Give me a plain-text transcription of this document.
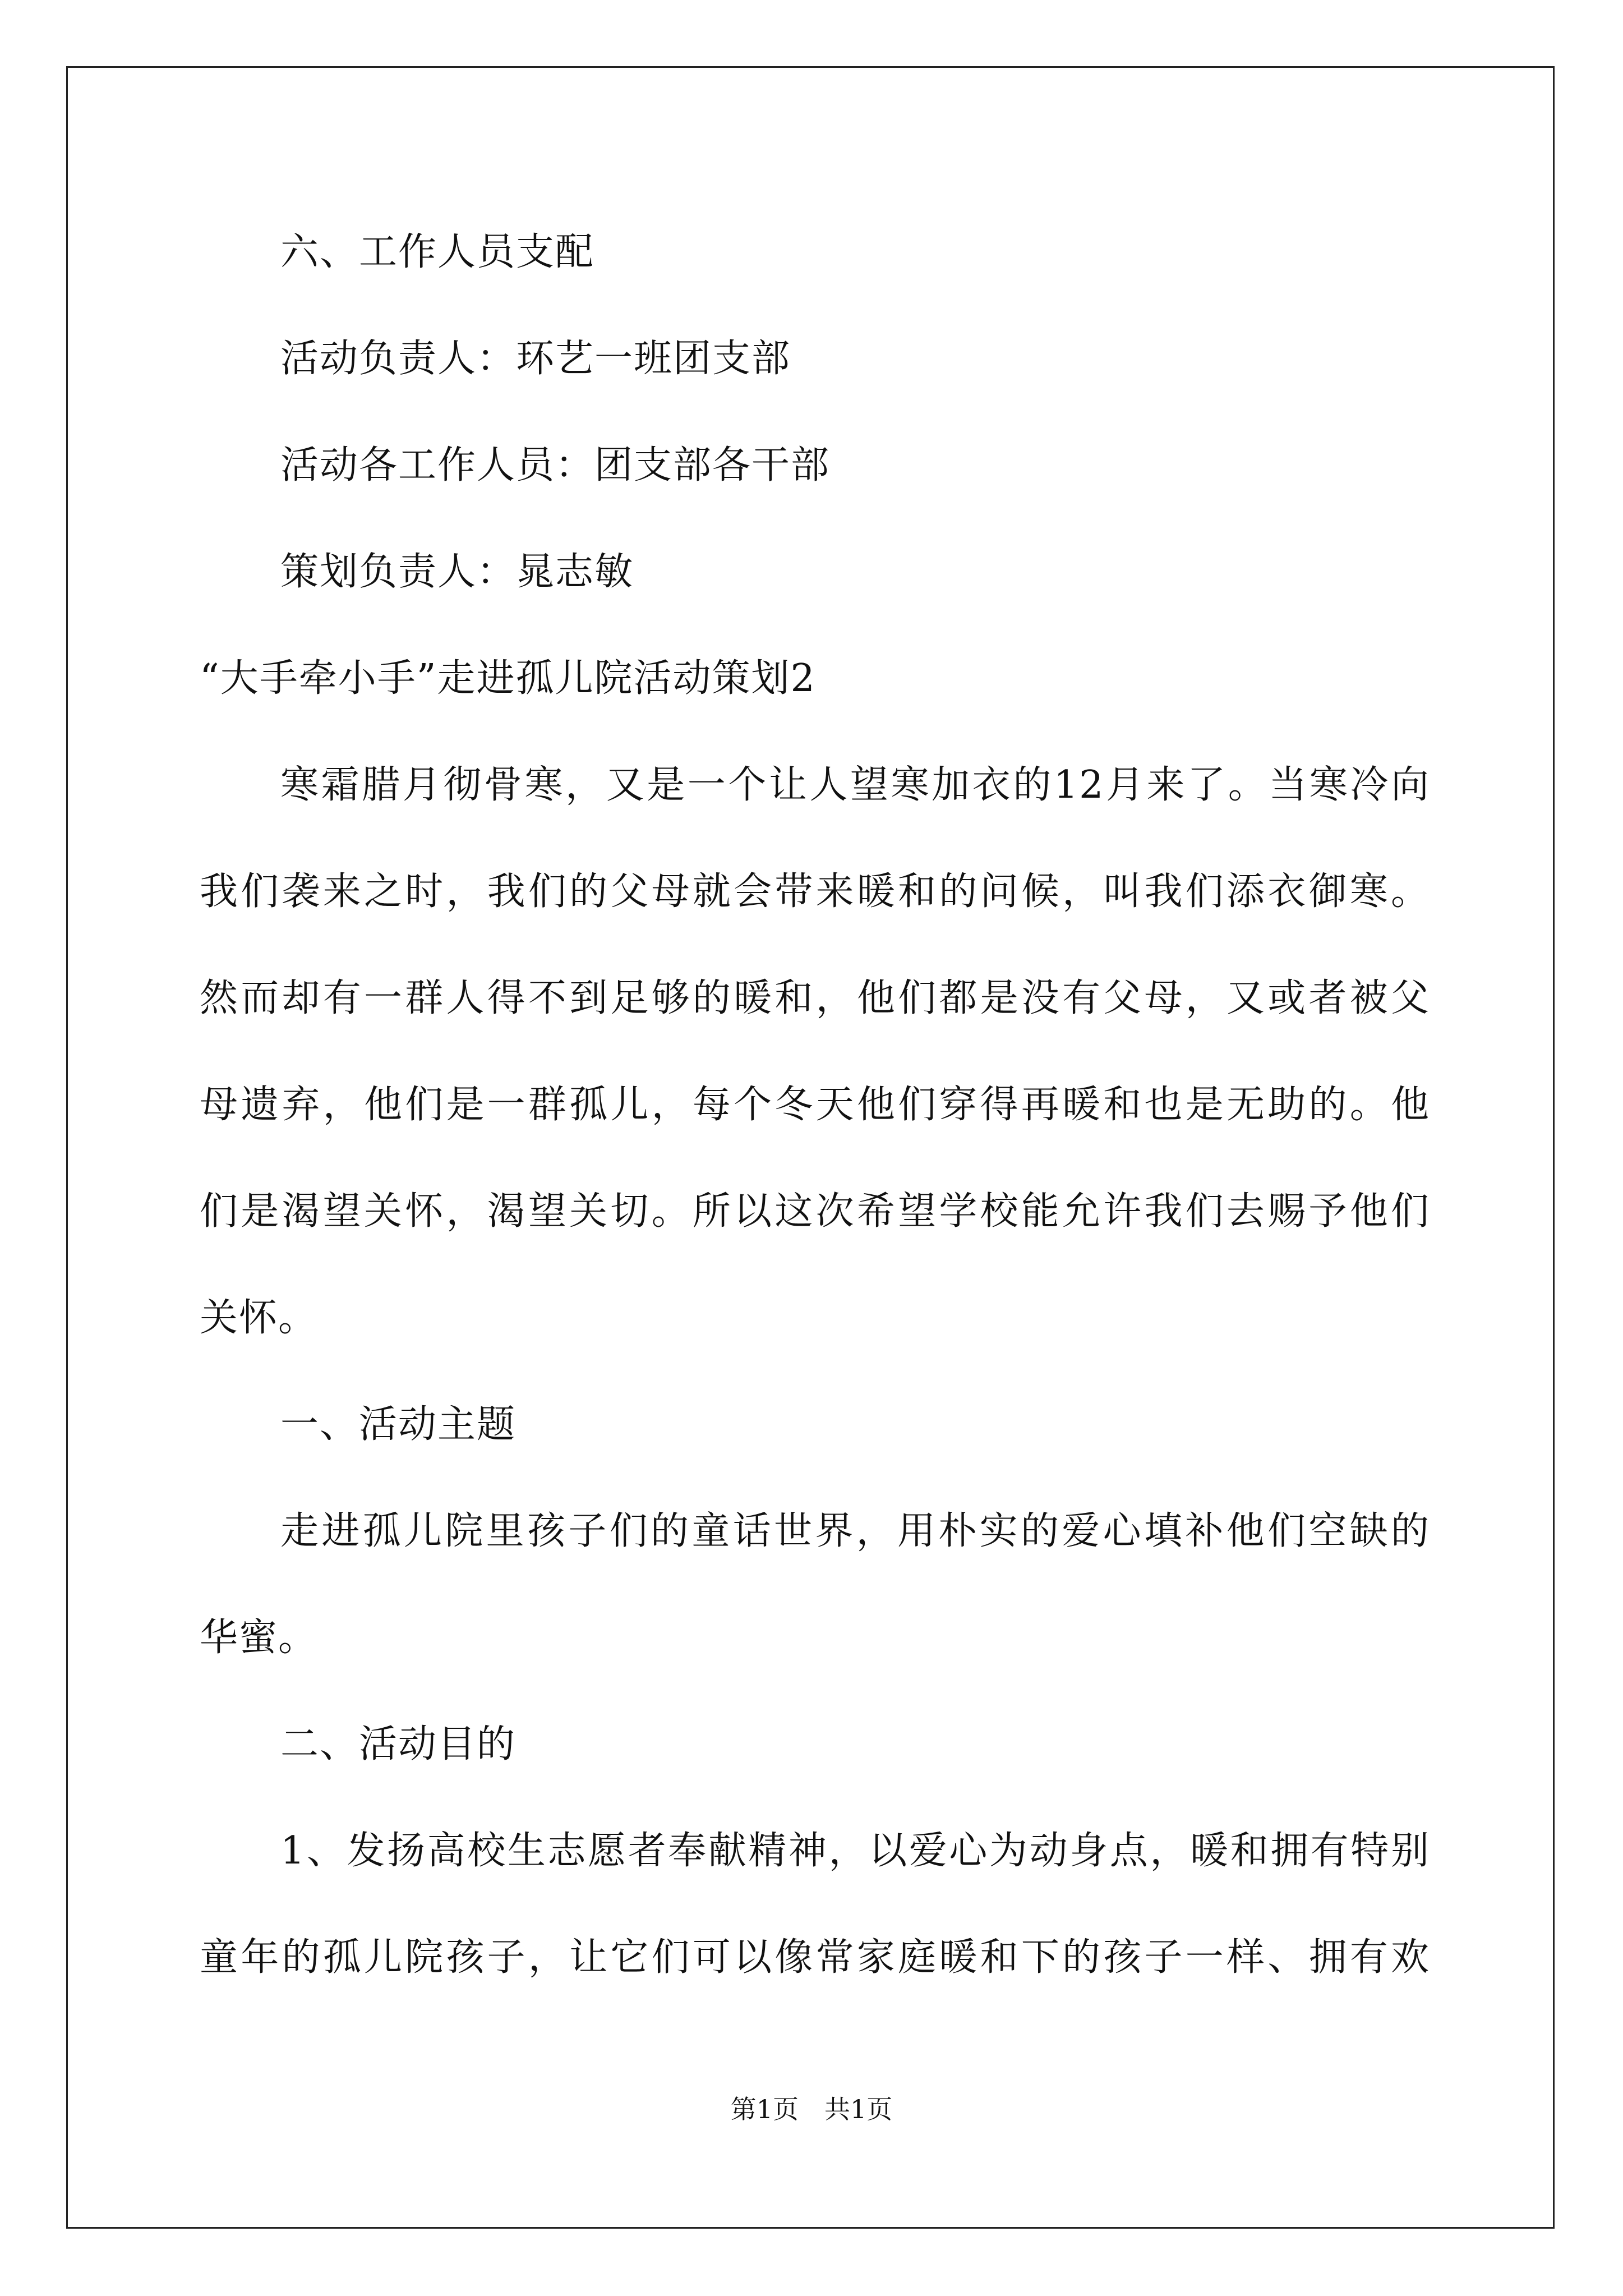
六、工作人员支配
活动负责人：环艺一班团支部
活动各工作人员：团支部各干部
策划负责人：晁志敏
“大手牵小手”走进孤儿院活动策划2
寒霜腊月彻骨寒，又是一个让人望寒加衣的12月来了。当寒冷向
我们袭来之时，我们的父母就会带来暖和的问候，叫我们添衣御寒。
然而却有一群人得不到足够的暖和，他们都是没有父母，又或者被父
母遗弃，他们是一群孤儿，每个冬天他们穿得再暖和也是无助的。他
们是渴望关怀，渴望关切。所以这次希望学校能允许我们去赐予他们
关怀。
一、活动主题
走进孤儿院里孩子们的童话世界，用朴实的爱心填补他们空缺的
华蜜。
二、活动目的
1、发扬高校生志愿者奉献精神，以爱心为动身点，暖和拥有特别
童年的孤儿院孩子，让它们可以像常家庭暖和下的孩子一样、拥有欢
第1页 共1页
